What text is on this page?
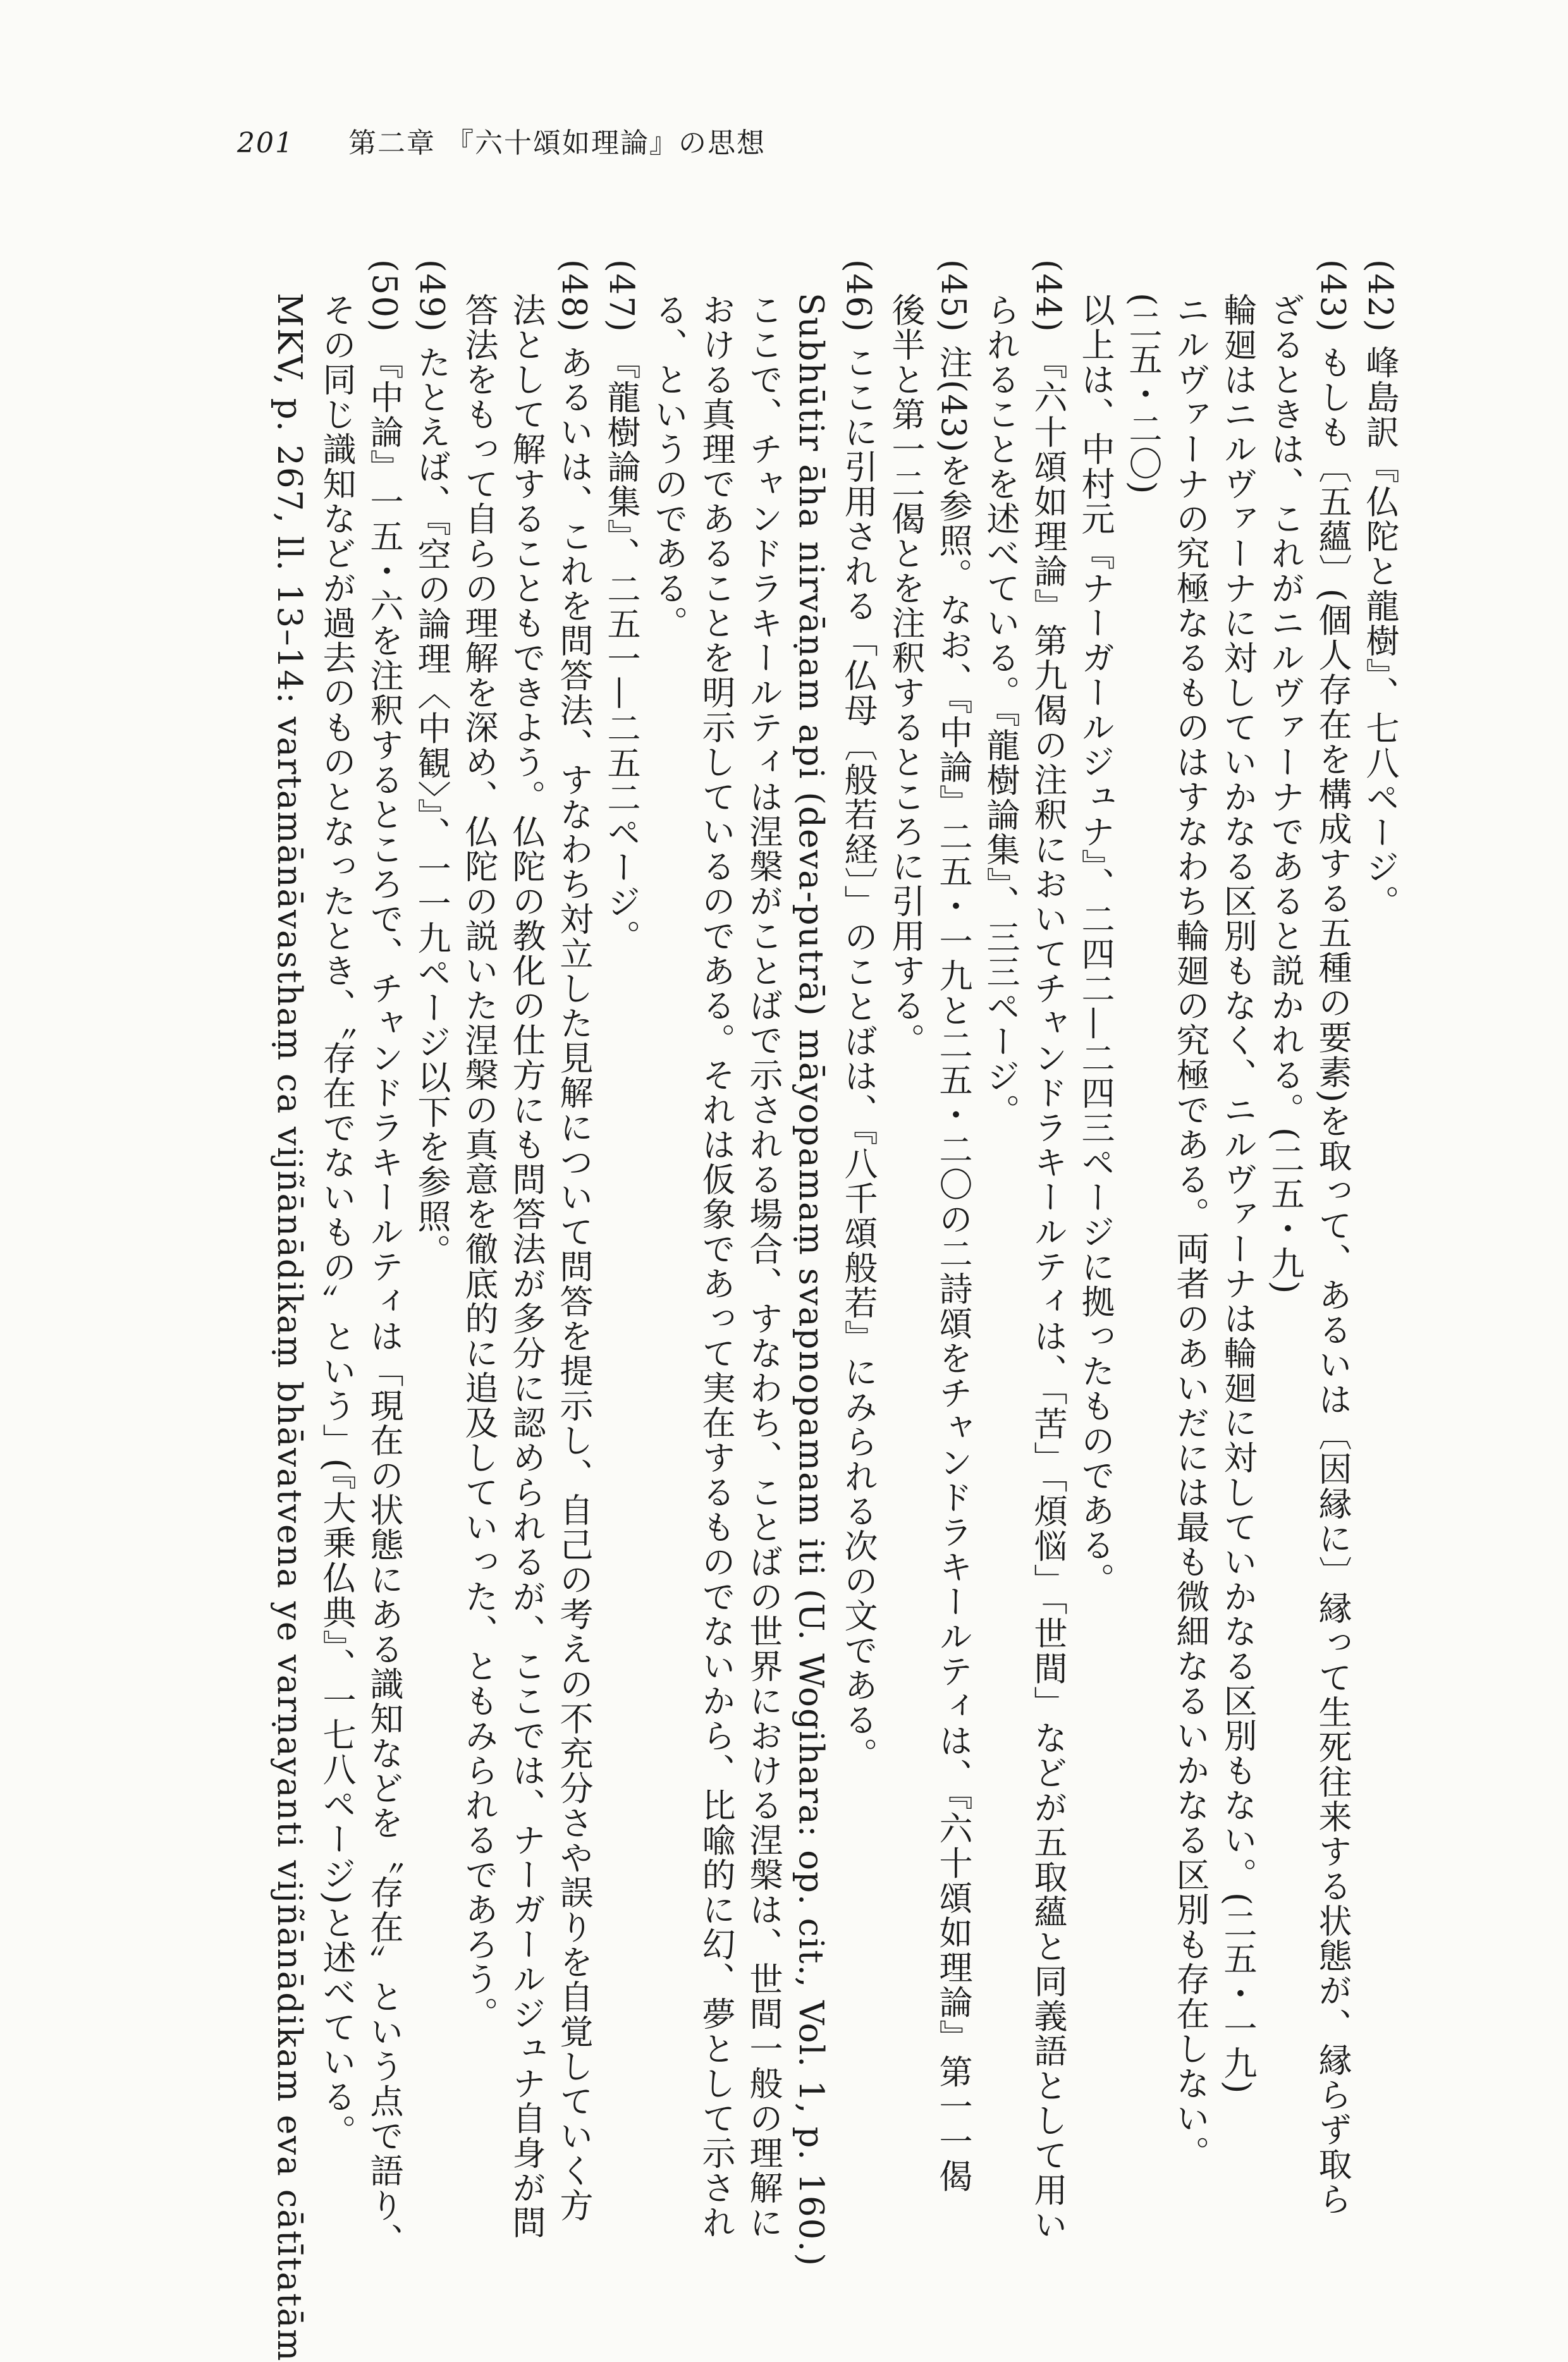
201 第二章 『六十頌如理論』の思想

(42) 峰島訳『仏陀と龍樹』、七八ページ。

(43) もしも〔五蘊〕(個人存在を構成する五種の要素)を取って、あるいは〔因縁に〕縁って生死往来する状態が、縁らず取ら

ざるときは、これがニルヴァーナであると説かれる。(二五・九)

輪廻はニルヴァーナに対していかなる区別もなく、ニルヴァーナは輪廻に対していかなる区別もない。(二五・一九)

ニルヴァーナの究極なるものはすなわち輪廻の究極である。両者のあいだには最も微細なるいかなる区別も存在しない。

(二五・二〇)

以上は、中村元『ナーガールジュナ』、二四二—二四三ページに拠ったものである。

(44) 『六十頌如理論』第九偈の注釈においてチャンドラキールティは、「苦」「煩悩」「世間」などが五取蘊と同義語として用い

られることを述べている。『龍樹論集』、三三ページ。

(45) 注(43)を参照。なお、『中論』二五・一九と二五・二〇の二詩頌をチャンドラキールティは、『六十頌如理論』第一一偈

後半と第一二偈とを注釈するところに引用する。

(46) ここに引用される「仏母〔般若経〕」のことばは、『八千頌般若』にみられる次の文である。

Subhūtir āha nirvāṇam api (deva-putrā) māyopamaṃ svapnopamam iti (U. Wogihara: op. cit., Vol. 1, p. 160.)

ここで、チャンドラキールティは涅槃がことばで示される場合、すなわち、ことばの世界における涅槃は、世間一般の理解に

おける真理であることを明示しているのである。それは仮象であって実在するものでないから、比喩的に幻、夢として示され

る、というのである。

(47) 『龍樹論集』、二五一—二五二ページ。

(48) あるいは、これを問答法、すなわち対立した見解について問答を提示し、自己の考えの不充分さや誤りを自覚していく方

法として解することもできよう。仏陀の教化の仕方にも問答法が多分に認められるが、ここでは、ナーガールジュナ自身が問

答法をもって自らの理解を深め、仏陀の説いた涅槃の真意を徹底的に追及していった、ともみられるであろう。

(49) たとえば、『空の論理〈中観〉』、一一九ページ以下を参照。

(50) 『中論』一五・六を注釈するところで、チャンドラキールティは「現在の状態にある識知などを〝存在〟という点で語り、

その同じ識知などが過去のものとなったとき、〝存在でないもの〟という」(『大乗仏典』、一七八ページ)と述べている。

MKV, p. 267, ll. 13–14: vartamānāvasthaṃ ca vijñānādikaṃ bhāvatvena ye varṇayanti vijñānādikam eva cātītatām
